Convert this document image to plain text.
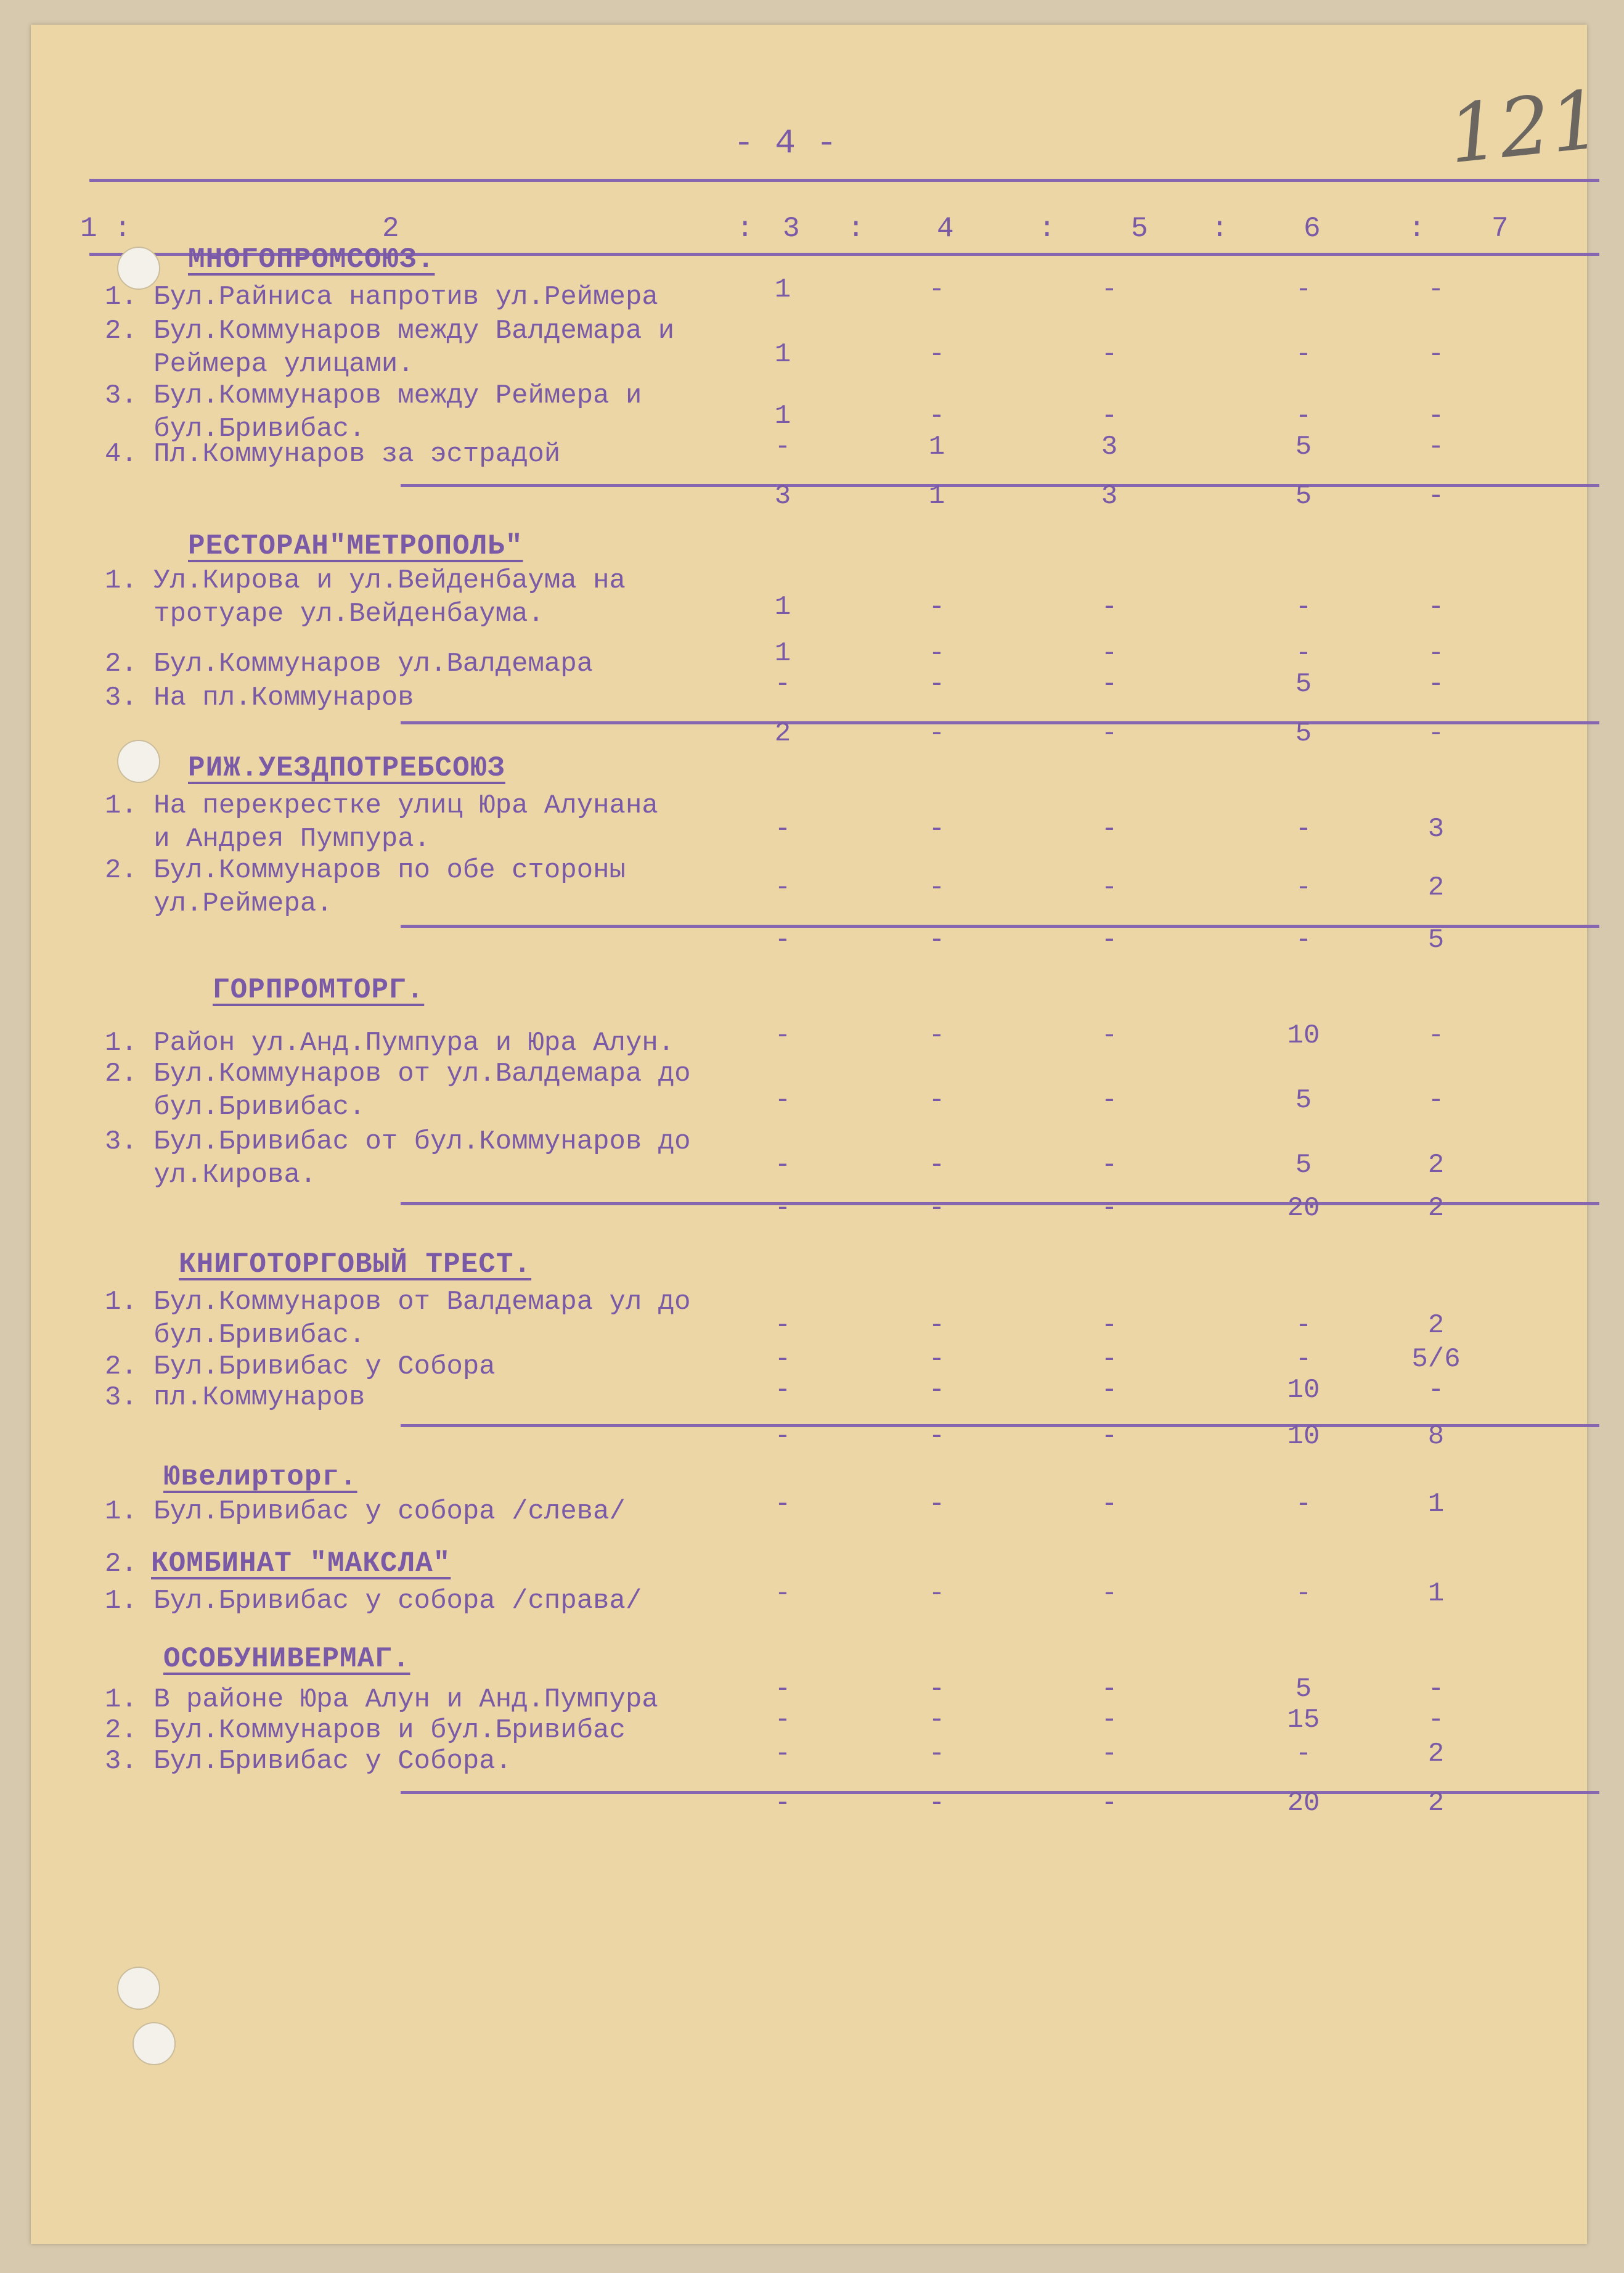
- 4 -	121
1 :	2	: 3 :	4	:	5 :	6	: 7
МНОГОПРОМСОЮЗ.
1. Бул.Райниса напротив ул.Реймера	1	-	-	-	-
2. Бул.Коммунаров между Валдемара и
Реймера улицами.	1	-	-	-	-
3. Бул.Коммунаров между Реймера и
бул.Бривибас.	1	-	-	-	-
4. Пл.Коммунаров за эстрадой	-	1	3	5	-
3	1	3	5	-
РЕСТОРАН"МЕТРОПОЛЬ"
1. Ул.Кирова и ул.Вейденбаума на
тротуаре ул.Вейденбаума.	1	-	-	-	-
2. Бул.Коммунаров ул.Валдемара	1	-	-	-	-
3. На пл.Коммунаров	-	-	-	5	-
2	-	-	5	-
РИЖ.УЕЗДПОТРЕБСОЮЗ
1. На перекрестке улиц Юра Алунана
и Андрея Пумпура.	-	-	-	-	3
2. Бул.Коммунаров по обе стороны
ул.Реймера.
-	-	-	-	2
-	-	-	-	5
ГОРПРОМТОРГ.
1. Район ул.Анд.Пумпура и Юра Алун.	-	-	-	10	-
2. Бул.Коммунаров от ул.Валдемара до
бул.Бривибас.	-	-	-	5	-
3. Бул.Бривибас от бул.Коммунаров до
ул.Кирова.	-	-	-	5	2
-	-	-	20	2
КНИГОТОРГОВЫЙ ТРЕСТ.
1. Бул.Коммунаров от Валдемара ул до
бул.Бривибас.	-	-	-	-	2
2. Бул.Бривибас у Собора	-	-	-	-	5/6
3. пл.Коммунаров	-	-	-	10	-
-	-	-	10	8
Ювелирторг.
1. Бул.Бривибас у собора /слева/	-	-	-	-	1
2. КОМБИНАТ "МАКСЛА"
1. Бул.Бривибас у собора /справа/	-	-	-	-	1
ОСОБУНИВЕРМАГ.
1. В районе Юра Алун и Анд.Пумпура	-	-	-	5	-
2. Бул.Коммунаров и бул.Бривибас	-	-	-	15	-
3. Бул.Бривибас у Собора.	-	-	-	-	2
-	-	-	20	2
